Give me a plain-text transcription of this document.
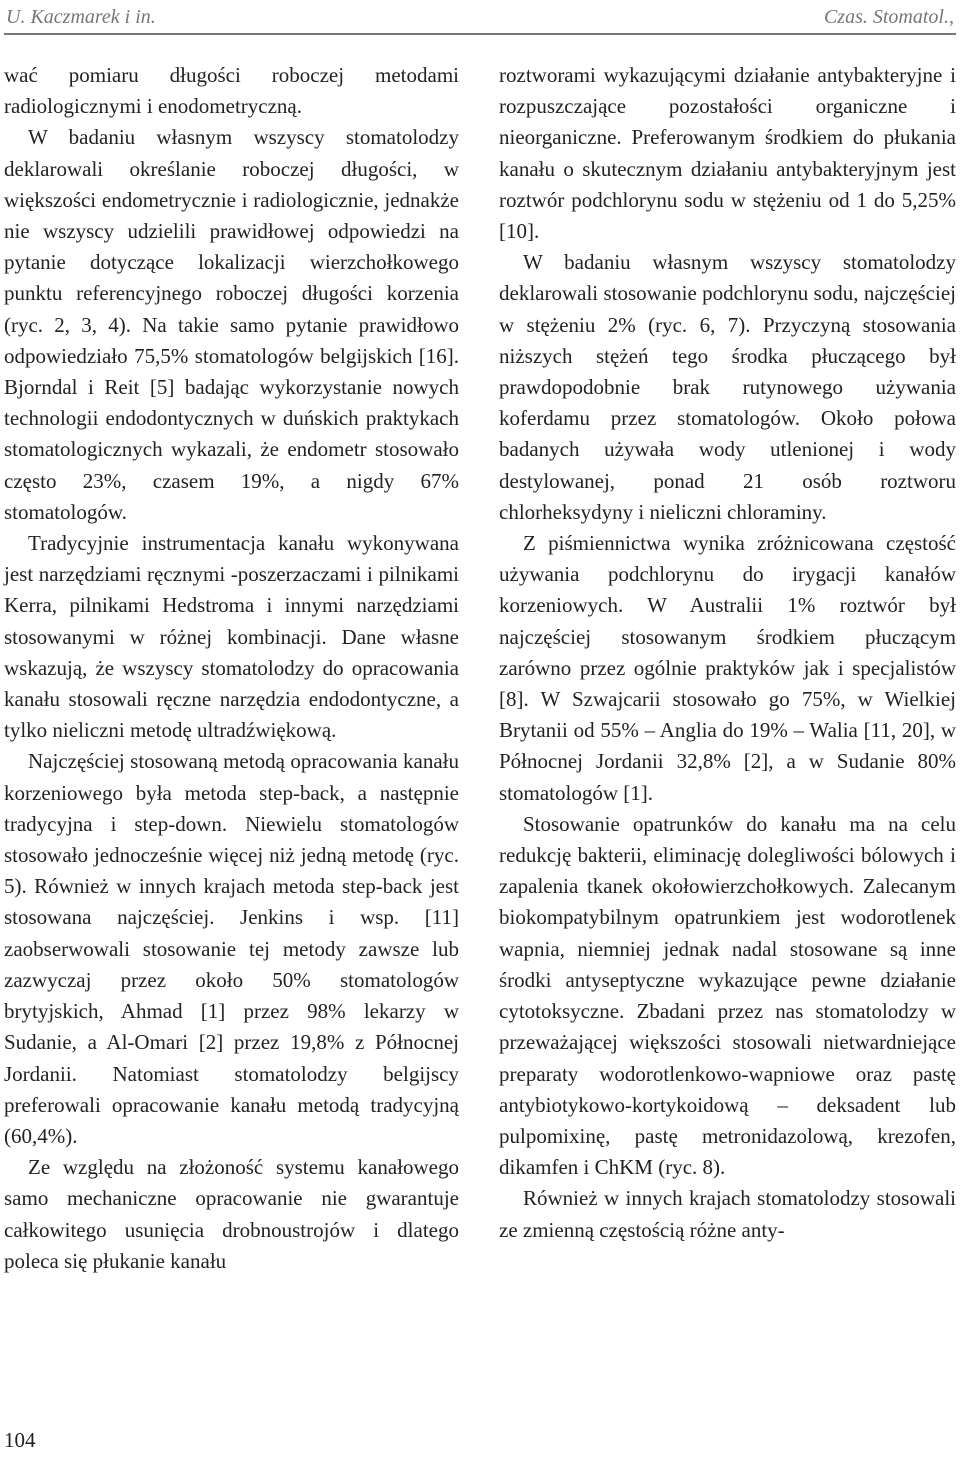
U. Kaczmarek i in.	Czas. Stomatol.,

wać pomiaru długości roboczej metodami radiologicznymi i enodometryczną.

W badaniu własnym wszyscy stomatolodzy deklarowali określanie roboczej długości, w większości endometrycznie i radiologicznie, jednakże nie wszyscy udzielili prawidłowej odpowiedzi na pytanie dotyczące lokalizacji wierzchołkowego punktu referencyjnego roboczej długości korzenia (ryc. 2, 3, 4). Na takie samo pytanie prawidłowo odpowiedziało 75,5% stomatologów belgijskich [16]. Bjorndal i Reit [5] badając wykorzystanie nowych technologii endodontycznych w duńskich praktykach stomatologicznych wykazali, że endometr stosowało często 23%, czasem 19%, a nigdy 67% stomatologów.

Tradycyjnie instrumentacja kanału wykonywana jest narzędziami ręcznymi -poszerzaczami i pilnikami Kerra, pilnikami Hedstroma i innymi narzędziami stosowanymi w różnej kombinacji. Dane własne wskazują, że wszyscy stomatolodzy do opracowania kanału stosowali ręczne narzędzia endodontyczne, a tylko nieliczni metodę ultradźwiękową.

Najczęściej stosowaną metodą opracowania kanału korzeniowego była metoda step-back, a następnie tradycyjna i step-down. Niewielu stomatologów stosowało jednocześnie więcej niż jedną metodę (ryc. 5). Również w innych krajach metoda step-back jest stosowana najczęściej. Jenkins i wsp. [11] zaobserwowali stosowanie tej metody zawsze lub zazwyczaj przez około 50% stomatologów brytyjskich, Ahmad [1] przez 98% lekarzy w Sudanie, a Al-Omari [2] przez 19,8% z Północnej Jordanii. Natomiast stomatolodzy belgijscy preferowali opracowanie kanału metodą tradycyjną (60,4%).

Ze względu na złożoność systemu kanałowego samo mechaniczne opracowanie nie gwarantuje całkowitego usunięcia drobnoustrojów i dlatego poleca się płukanie kanału

roztworami wykazującymi działanie antybakteryjne i rozpuszczające pozostałości organiczne i nieorganiczne. Preferowanym środkiem do płukania kanału o skutecznym działaniu antybakteryjnym jest roztwór podchlorynu sodu w stężeniu od 1 do 5,25% [10].

W badaniu własnym wszyscy stomatolodzy deklarowali stosowanie podchlorynu sodu, najczęściej w stężeniu 2% (ryc. 6, 7). Przyczyną stosowania niższych stężeń tego środka płuczącego był prawdopodobnie brak rutynowego używania koferdamu przez stomatologów. Około połowa badanych używała wody utlenionej i wody destylowanej, ponad 21 osób roztworu chlorheksydyny i nieliczni chloraminy.

Z piśmiennictwa wynika zróżnicowana częstość używania podchlorynu do irygacji kanałów korzeniowych. W Australii 1% roztwór był najczęściej stosowanym środkiem płuczącym zarówno przez ogólnie praktyków jak i specjalistów [8]. W Szwajcarii stosowało go 75%, w Wielkiej Brytanii od 55% – Anglia do 19% – Walia [11, 20], w Północnej Jordanii 32,8% [2], a w Sudanie 80% stomatologów [1].

Stosowanie opatrunków do kanału ma na celu redukcję bakterii, eliminację dolegliwości bólowych i zapalenia tkanek okołowierzchołkowych. Zalecanym biokompatybilnym opatrunkiem jest wodorotlenek wapnia, niemniej jednak nadal stosowane są inne środki antyseptyczne wykazujące pewne działanie cytotoksyczne. Zbadani przez nas stomatolodzy w przeważającej większości stosowali nietwardniejące preparaty wodorotlenkowo-wapniowe oraz pastę antybiotykowo-kortykoidową – deksadent lub pulpomixinę, pastę metronidazolową, krezofen, dikamfen i ChKM (ryc. 8).

Również w innych krajach stomatolodzy stosowali ze zmienną częstością różne anty-

104
